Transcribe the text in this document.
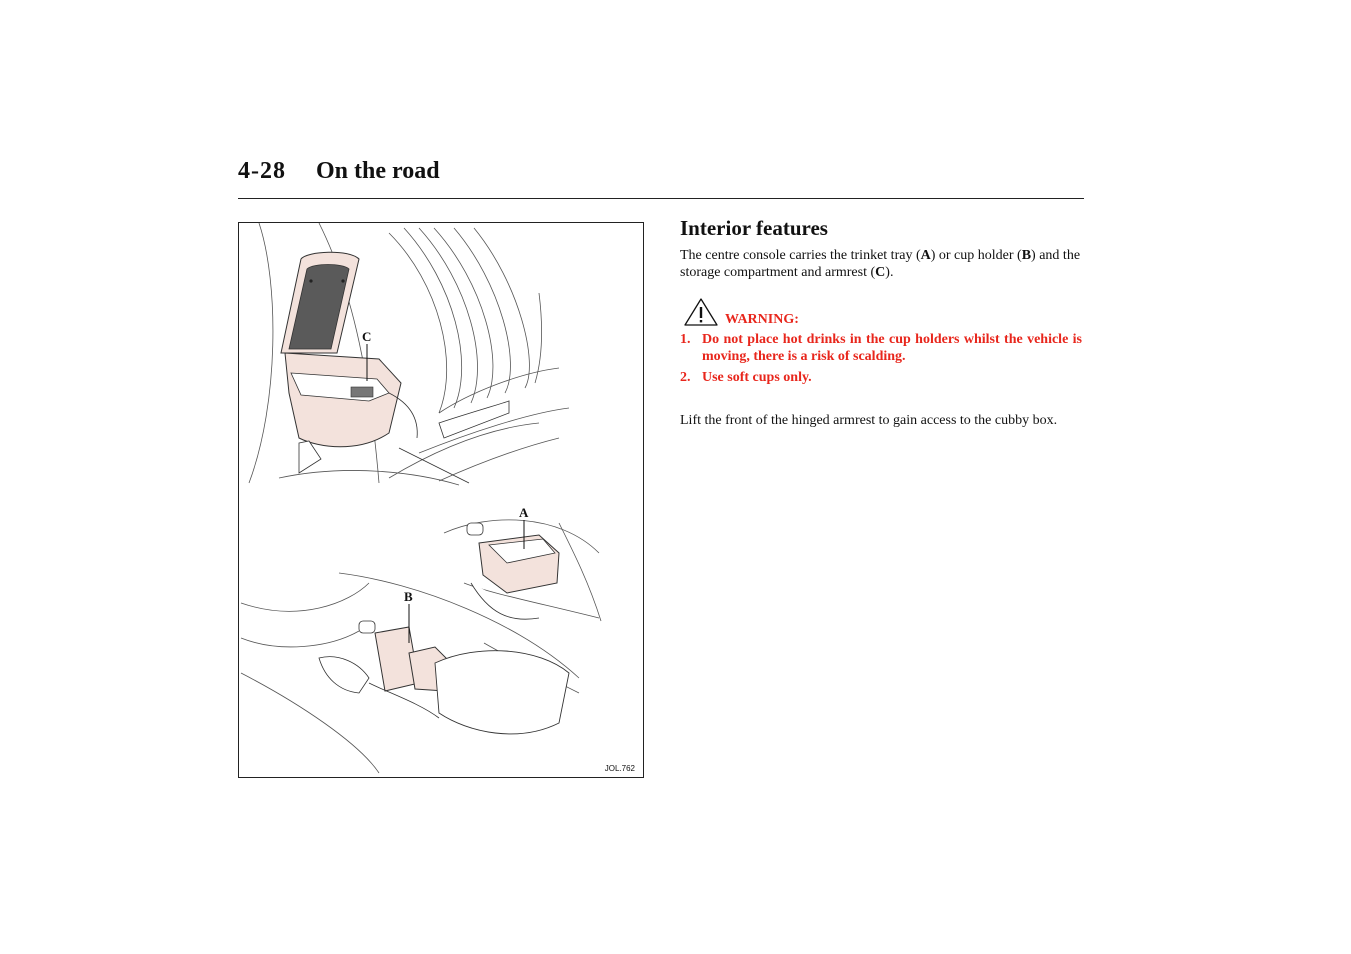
4-28 On the road
C
A
B
JOL.762
Interior features

The centre console carries the trinket tray (A) or cup holder (B) and the storage compartment and armrest (C).

WARNING:
1. Do not place hot drinks in the cup holders whilst the vehicle is moving, there is a risk of scalding.
2. Use soft cups only.

Lift the front of the hinged armrest to gain access to the cubby box.
